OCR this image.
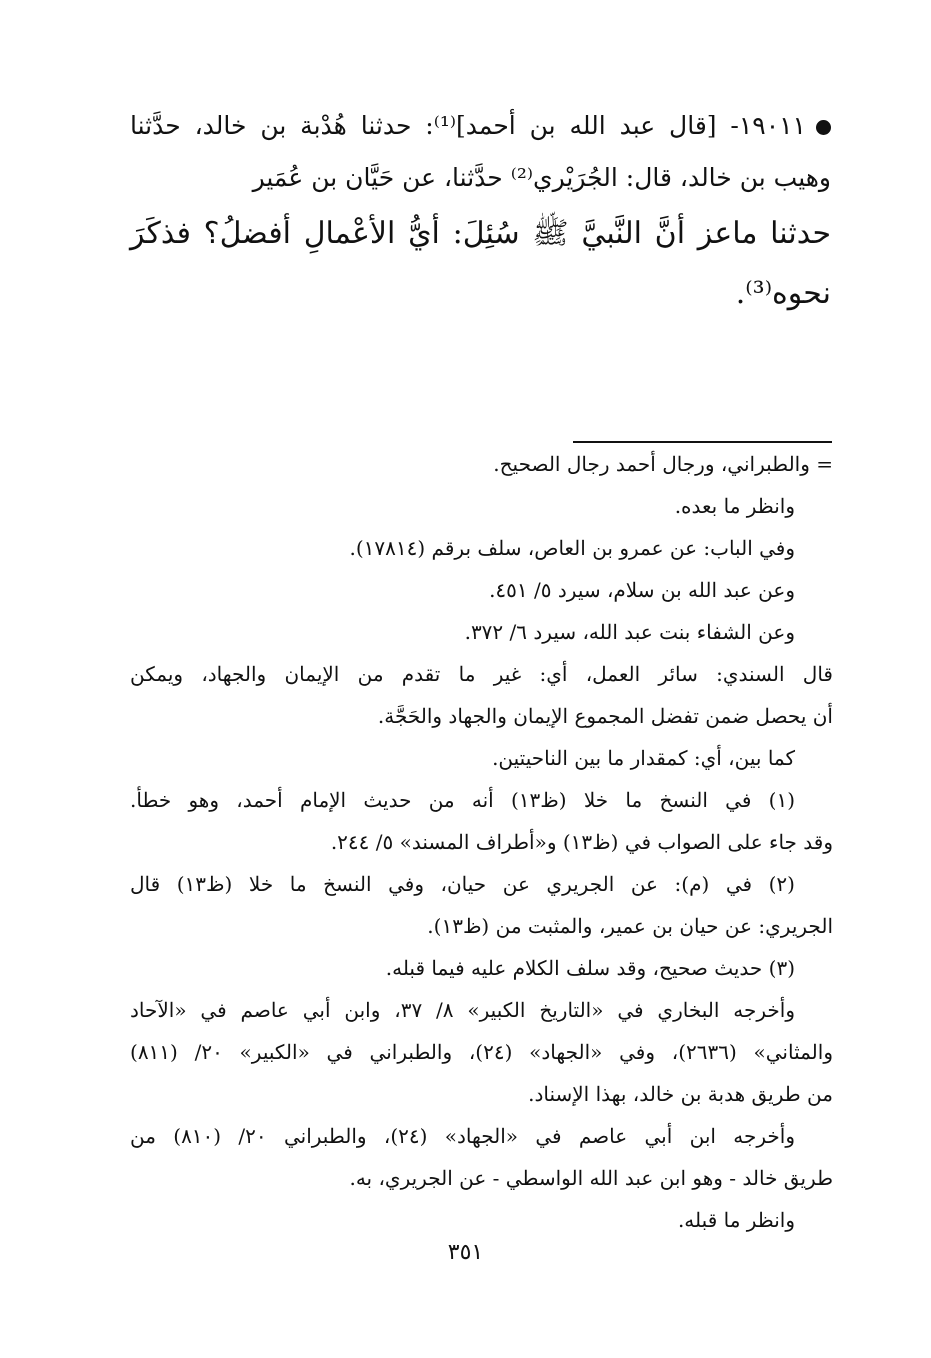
١٩٠١١- [قال عبد الله بن أحمد]⁽¹⁾: حدثنا هُدْبة بن خالد، حدَّثنا
وهيب بن خالد، قال: الجُرَيْري⁽²⁾ حدَّثنا، عن حَيَّان بن عُمَير
حدثنا ماعز أنَّ النَّبيَّ ﷺ سُئِلَ: أيُّ الأعْمالِ أفضلُ؟ فذكَرَ
نحوه⁽³⁾.
= والطبراني، ورجال أحمد رجال الصحيح.
وانظر ما بعده.
وفي الباب: عن عمرو بن العاص، سلف برقم (١٧٨١٤).
وعن عبد الله بن سلام، سيرد ٥/ ٤٥١.
وعن الشفاء بنت عبد الله، سيرد ٦/ ٣٧٢.
قال السندي: سائر العمل، أي: غير ما تقدم من الإيمان والجهاد، ويمكن
أن يحصل ضمن تفضل المجموع الإيمان والجهاد والحَجَّة.
كما بين، أي: كمقدار ما بين الناحيتين.
(١) في النسخ ما خلا (ظ١٣) أنه من حديث الإمام أحمد، وهو خطأ.
وقد جاء على الصواب في (ظ١٣) و«أطراف المسند» ٥/ ٢٤٤.
(٢) في (م): عن الجريري عن حيان، وفي النسخ ما خلا (ظ١٣) قال
الجريري: عن حيان بن عمير، والمثبت من (ظ١٣).
(٣) حديث صحيح، وقد سلف الكلام عليه فيما قبله.
وأخرجه البخاري في «التاريخ الكبير» ٨/ ٣٧، وابن أبي عاصم في «الآحاد
والمثاني» (٢٦٣٦)، وفي «الجهاد» (٢٤)، والطبراني في «الكبير» ٢٠/ (٨١١)
من طريق هدبة بن خالد، بهذا الإسناد.
وأخرجه ابن أبي عاصم في «الجهاد» (٢٤)، والطبراني ٢٠/ (٨١٠) من
طريق خالد - وهو ابن عبد الله الواسطي - عن الجريري، به.
وانظر ما قبله.
٣٥١
